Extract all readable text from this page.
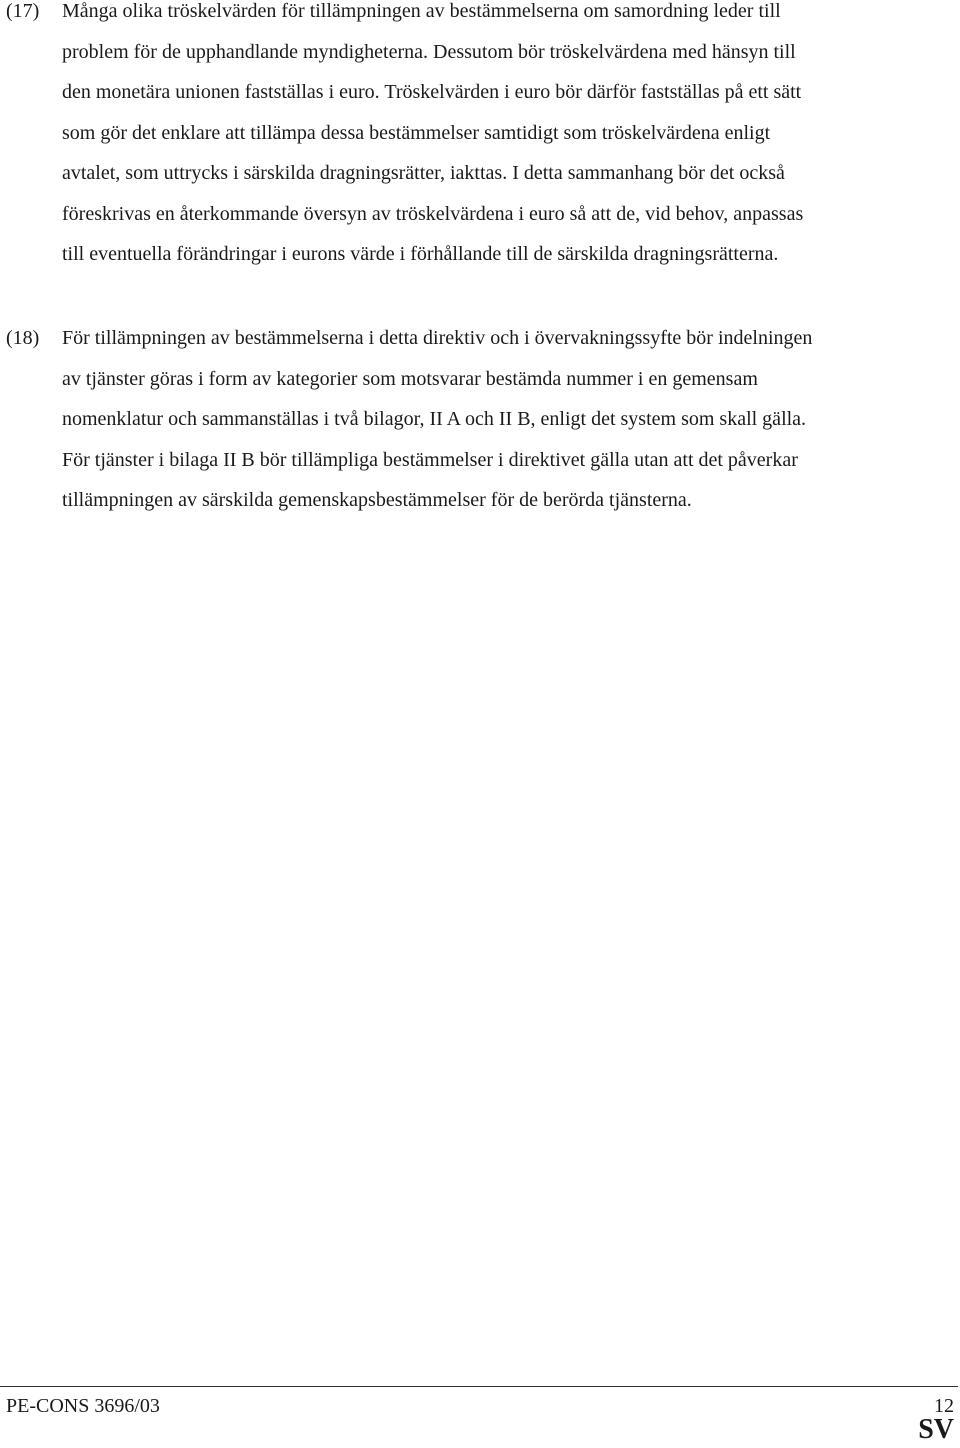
(17) Många olika tröskelvärden för tillämpningen av bestämmelserna om samordning leder till
problem för de upphandlande myndigheterna. Dessutom bör tröskelvärdena med hänsyn till
den monetära unionen fastställas i euro. Tröskelvärden i euro bör därför fastställas på ett sätt
som gör det enklare att tillämpa dessa bestämmelser samtidigt som tröskelvärdena enligt
avtalet, som uttrycks i särskilda dragningsrätter, iakttas. I detta sammanhang bör det också
föreskrivas en återkommande översyn av tröskelvärdena i euro så att de, vid behov, anpassas
till eventuella förändringar i eurons värde i förhållande till de särskilda dragningsrätterna.
(18) För tillämpningen av bestämmelserna i detta direktiv och i övervakningssyfte bör indelningen
av tjänster göras i form av kategorier som motsvarar bestämda nummer i en gemensam
nomenklatur och sammanställas i två bilagor, II A och II B, enligt det system som skall gälla.
För tjänster i bilaga II B bör tillämpliga bestämmelser i direktivet gälla utan att det påverkar
tillämpningen av särskilda gemenskapsbestämmelser för de berörda tjänsterna.
PE-CONS 3696/03	12
SV
